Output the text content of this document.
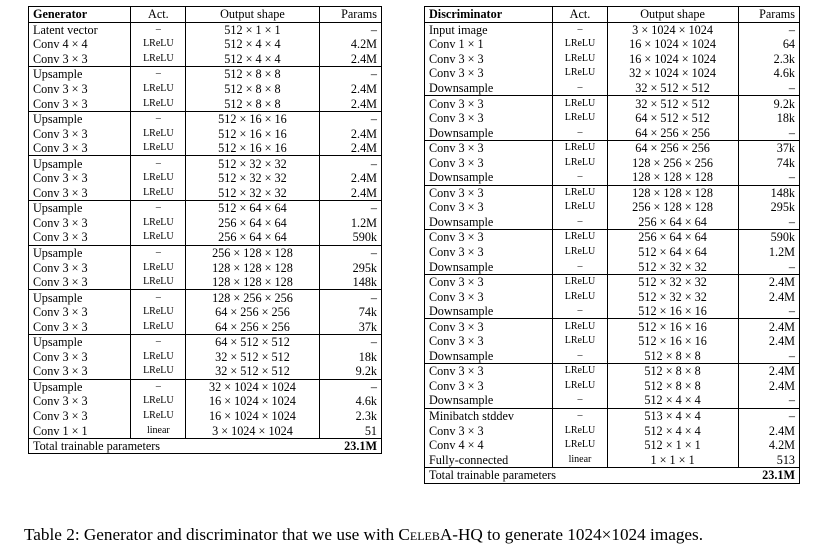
Generator	Act.	Output shape	Params
Latent vector	–	512 × 1 × 1	–
Conv 4 × 4	LReLU	512 × 4 × 4	4.2M
Conv 3 × 3	LReLU	512 × 4 × 4	2.4M
Upsample	–	512 × 8 × 8	–
Conv 3 × 3	LReLU	512 × 8 × 8	2.4M
Conv 3 × 3	LReLU	512 × 8 × 8	2.4M
Upsample	–	512 × 16 × 16	–
Conv 3 × 3	LReLU	512 × 16 × 16	2.4M
Conv 3 × 3	LReLU	512 × 16 × 16	2.4M
Upsample	–	512 × 32 × 32	–
Conv 3 × 3	LReLU	512 × 32 × 32	2.4M
Conv 3 × 3	LReLU	512 × 32 × 32	2.4M
Upsample	–	512 × 64 × 64	–
Conv 3 × 3	LReLU	256 × 64 × 64	1.2M
Conv 3 × 3	LReLU	256 × 64 × 64	590k
Upsample	–	256 × 128 × 128	–
Conv 3 × 3	LReLU	128 × 128 × 128	295k
Conv 3 × 3	LReLU	128 × 128 × 128	148k
Upsample	–	128 × 256 × 256	–
Conv 3 × 3	LReLU	64 × 256 × 256	74k
Conv 3 × 3	LReLU	64 × 256 × 256	37k
Upsample	–	64 × 512 × 512	–
Conv 3 × 3	LReLU	32 × 512 × 512	18k
Conv 3 × 3	LReLU	32 × 512 × 512	9.2k
Upsample	–	32 × 1024 × 1024	–
Conv 3 × 3	LReLU	16 × 1024 × 1024	4.6k
Conv 3 × 3	LReLU	16 × 1024 × 1024	2.3k
Conv 1 × 1	linear	3 × 1024 × 1024	51
Total trainable parameters			23.1M
Discriminator	Act.	Output shape	Params
Input image	–	3 × 1024 × 1024	–
Conv 1 × 1	LReLU	16 × 1024 × 1024	64
Conv 3 × 3	LReLU	16 × 1024 × 1024	2.3k
Conv 3 × 3	LReLU	32 × 1024 × 1024	4.6k
Downsample	–	32 × 512 × 512	–
Conv 3 × 3	LReLU	32 × 512 × 512	9.2k
Conv 3 × 3	LReLU	64 × 512 × 512	18k
Downsample	–	64 × 256 × 256	–
Conv 3 × 3	LReLU	64 × 256 × 256	37k
Conv 3 × 3	LReLU	128 × 256 × 256	74k
Downsample	–	128 × 128 × 128	–
Conv 3 × 3	LReLU	128 × 128 × 128	148k
Conv 3 × 3	LReLU	256 × 128 × 128	295k
Downsample	–	256 × 64 × 64	–
Conv 3 × 3	LReLU	256 × 64 × 64	590k
Conv 3 × 3	LReLU	512 × 64 × 64	1.2M
Downsample	–	512 × 32 × 32	–
Conv 3 × 3	LReLU	512 × 32 × 32	2.4M
Conv 3 × 3	LReLU	512 × 32 × 32	2.4M
Downsample	–	512 × 16 × 16	–
Conv 3 × 3	LReLU	512 × 16 × 16	2.4M
Conv 3 × 3	LReLU	512 × 16 × 16	2.4M
Downsample	–	512 × 8 × 8	–
Conv 3 × 3	LReLU	512 × 8 × 8	2.4M
Conv 3 × 3	LReLU	512 × 8 × 8	2.4M
Downsample	–	512 × 4 × 4	–
Minibatch stddev	–	513 × 4 × 4	–
Conv 3 × 3	LReLU	512 × 4 × 4	2.4M
Conv 4 × 4	LReLU	512 × 1 × 1	4.2M
Fully-connected	linear	1 × 1 × 1	513
Total trainable parameters			23.1M
Table 2: Generator and discriminator that we use with CelebA-HQ to generate 1024×1024 images.
